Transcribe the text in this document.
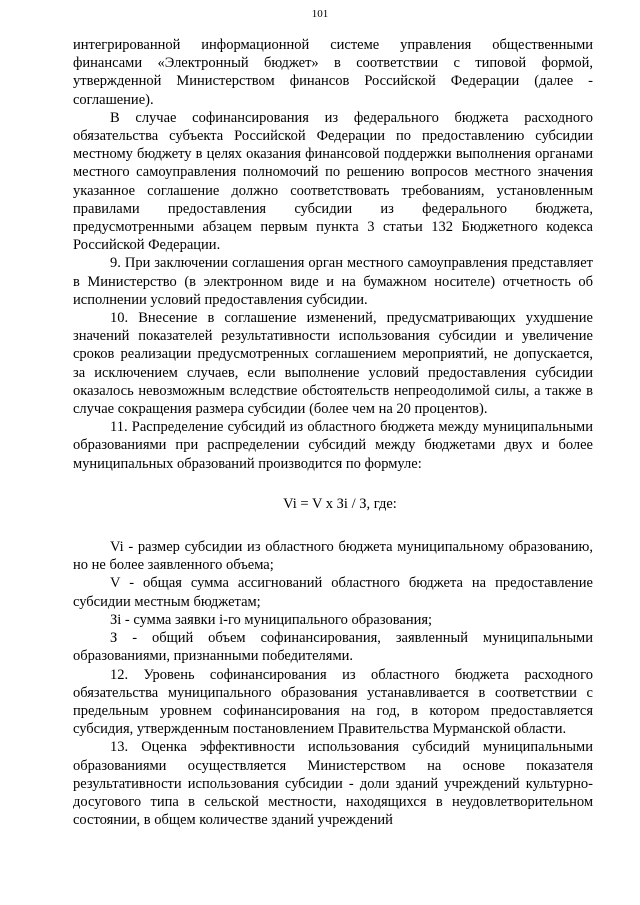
101

интегрированной информационной системе управления общественными финансами «Электронный бюджет» в соответствии с типовой формой, утвержденной Министерством финансов Российской Федерации (далее - соглашение).

В случае софинансирования из федерального бюджета расходного обязательства субъекта Российской Федерации по предоставлению субсидии местному бюджету в целях оказания финансовой поддержки выполнения органами местного самоуправления полномочий по решению вопросов местного значения указанное соглашение должно соответствовать требованиям, установленным правилами предоставления субсидии из федерального бюджета, предусмотренными абзацем первым пункта 3 статьи 132 Бюджетного кодекса Российской Федерации.

9. При заключении соглашения орган местного самоуправления представляет в Министерство (в электронном виде и на бумажном носителе) отчетность об исполнении условий предоставления субсидии.

10. Внесение в соглашение изменений, предусматривающих ухудшение значений показателей результативности использования субсидии и увеличение сроков реализации предусмотренных соглашением мероприятий, не допускается, за исключением случаев, если выполнение условий предоставления субсидии оказалось невозможным вследствие обстоятельств непреодолимой силы, а также в случае сокращения размера субсидии (более чем на 20 процентов).

11. Распределение субсидий из областного бюджета между муниципальными образованиями при распределении субсидий между бюджетами двух и более муниципальных образований производится по формуле:

Vi = V x Зi / З, где:

Vi - размер субсидии из областного бюджета муниципальному образованию, но не более заявленного объема;

V - общая сумма ассигнований областного бюджета на предоставление субсидии местным бюджетам;

Зi - сумма заявки i-го муниципального образования;

З - общий объем софинансирования, заявленный муниципальными образованиями, признанными победителями.

12. Уровень софинансирования из областного бюджета расходного обязательства муниципального образования устанавливается в соответствии с предельным уровнем софинансирования на год, в котором предоставляется субсидия, утвержденным постановлением Правительства Мурманской области.

13. Оценка эффективности использования субсидий муниципальными образованиями осуществляется Министерством на основе показателя результативности использования субсидии - доли зданий учреждений культурно-досугового типа в сельской местности, находящихся в неудовлетворительном состоянии, в общем количестве зданий учреждений
